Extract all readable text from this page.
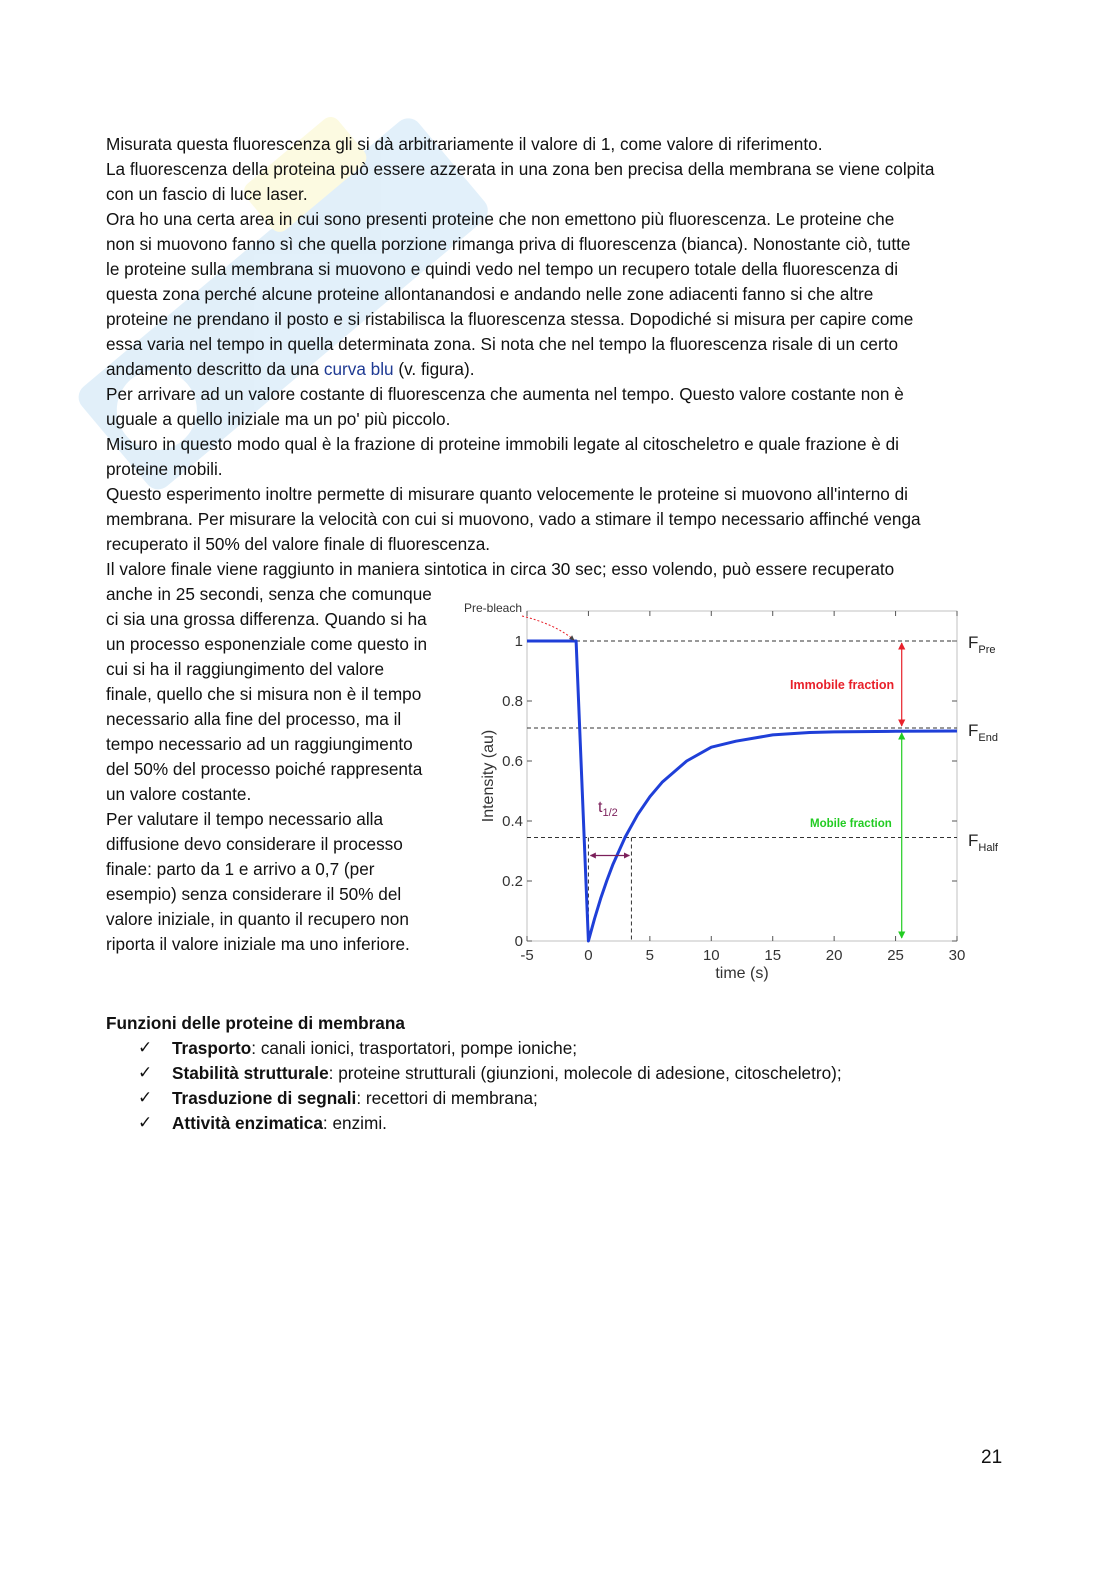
Misurata questa fluorescenza gli si dà arbitrariamente il valore di 1, come valore di riferimento.

La fluorescenza della proteina può essere azzerata in una zona ben precisa della membrana se viene colpita

con un fascio di luce laser.

Ora ho una certa area in cui sono presenti proteine che non emettono più fluorescenza. Le proteine che

non si muovono fanno sì che quella porzione rimanga priva di fluorescenza (bianca). Nonostante ciò, tutte

le proteine sulla membrana si muovono e quindi vedo nel tempo un recupero totale della fluorescenza di

questa zona perché alcune proteine allontanandosi e andando nelle zone adiacenti fanno si che altre

proteine ne prendano il posto e si ristabilisca la fluorescenza stessa. Dopodiché si misura per capire come

essa varia nel tempo in quella determinata zona. Si nota che nel tempo la fluorescenza risale di un certo

andamento descritto da una curva blu (v. figura).

Per arrivare ad un valore costante di fluorescenza che aumenta nel tempo. Questo valore costante non è

uguale a quello iniziale ma un po' più piccolo.

Misuro in questo modo qual è la frazione di proteine immobili legate al citoscheletro e quale frazione è di

proteine mobili.

Questo esperimento inoltre permette di misurare quanto velocemente le proteine si muovono all'interno di

membrana. Per misurare la velocità con cui si muovono, vado a stimare il tempo necessario affinché venga

recuperato il 50% del valore finale di fluorescenza.

Il valore finale viene raggiunto in maniera sintotica in circa 30 sec; esso volendo, può essere recuperato

anche in 25 secondi, senza che comunque

ci sia una grossa differenza. Quando si ha

un processo esponenziale come questo in

cui si ha il raggiungimento del valore

finale, quello che si misura non è il tempo

necessario alla fine del processo, ma il

tempo necessario ad un raggiungimento

del 50% del processo poiché rappresenta

un valore costante.

Per valutare il tempo necessario alla

diffusione devo considerare il processo

finale: parto da 1 e arrivo a 0,7 (per

esempio) senza considerare il 50% del

valore iniziale, in quanto il recupero non

riporta il valore iniziale ma uno inferiore.

-5	0	5	10	15	20	25	30
0
0.2
0.4
0.6
0.8
1
Pre-bleach
Immobile fraction
Mobile fraction
$t_{1/2}$
$F_{Pre}$
$F_{End}$
$F_{Half}$
time (s)
Intensity (au)

Funzioni delle proteine di membrana

✓ Trasporto: canali ionici, trasportatori, pompe ioniche;
✓ Stabilità strutturale: proteine strutturali (giunzioni, molecole di adesione, citoscheletro);
✓ Trasduzione di segnali: recettori di membrana;
✓ Attività enzimatica: enzimi.
21
